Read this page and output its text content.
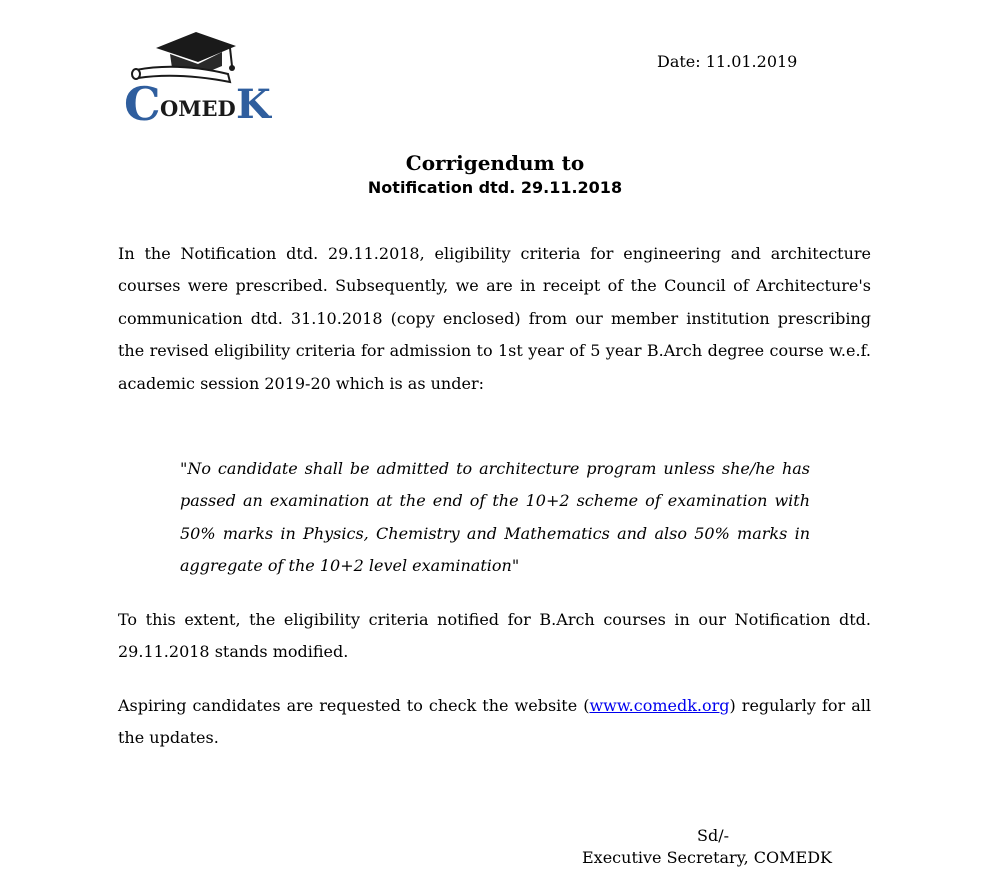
C OMED K
Date: 11.01.2019
Corrigendum to
Notification dtd. 29.11.2018

In the Notification dtd. 29.11.2018, eligibility criteria for engineering and architecture courses were prescribed. Subsequently, we are in receipt of the Council of Architecture's communication dtd. 31.10.2018 (copy enclosed) from our member institution prescribing the revised eligibility criteria for admission to 1st year of 5 year B.Arch degree course w.e.f. academic session 2019-20 which is as under:

"No candidate shall be admitted to architecture program unless she/he has passed an examination at the end of the 10+2 scheme of examination with 50% marks in Physics, Chemistry and Mathematics and also 50% marks in aggregate of the 10+2 level examination"

To this extent, the eligibility criteria notified for B.Arch courses in our Notification dtd. 29.11.2018 stands modified.

Aspiring candidates are requested to check the website (www.comedk.org) regularly for all the updates.

Sd/-
Executive Secretary, COMEDK
